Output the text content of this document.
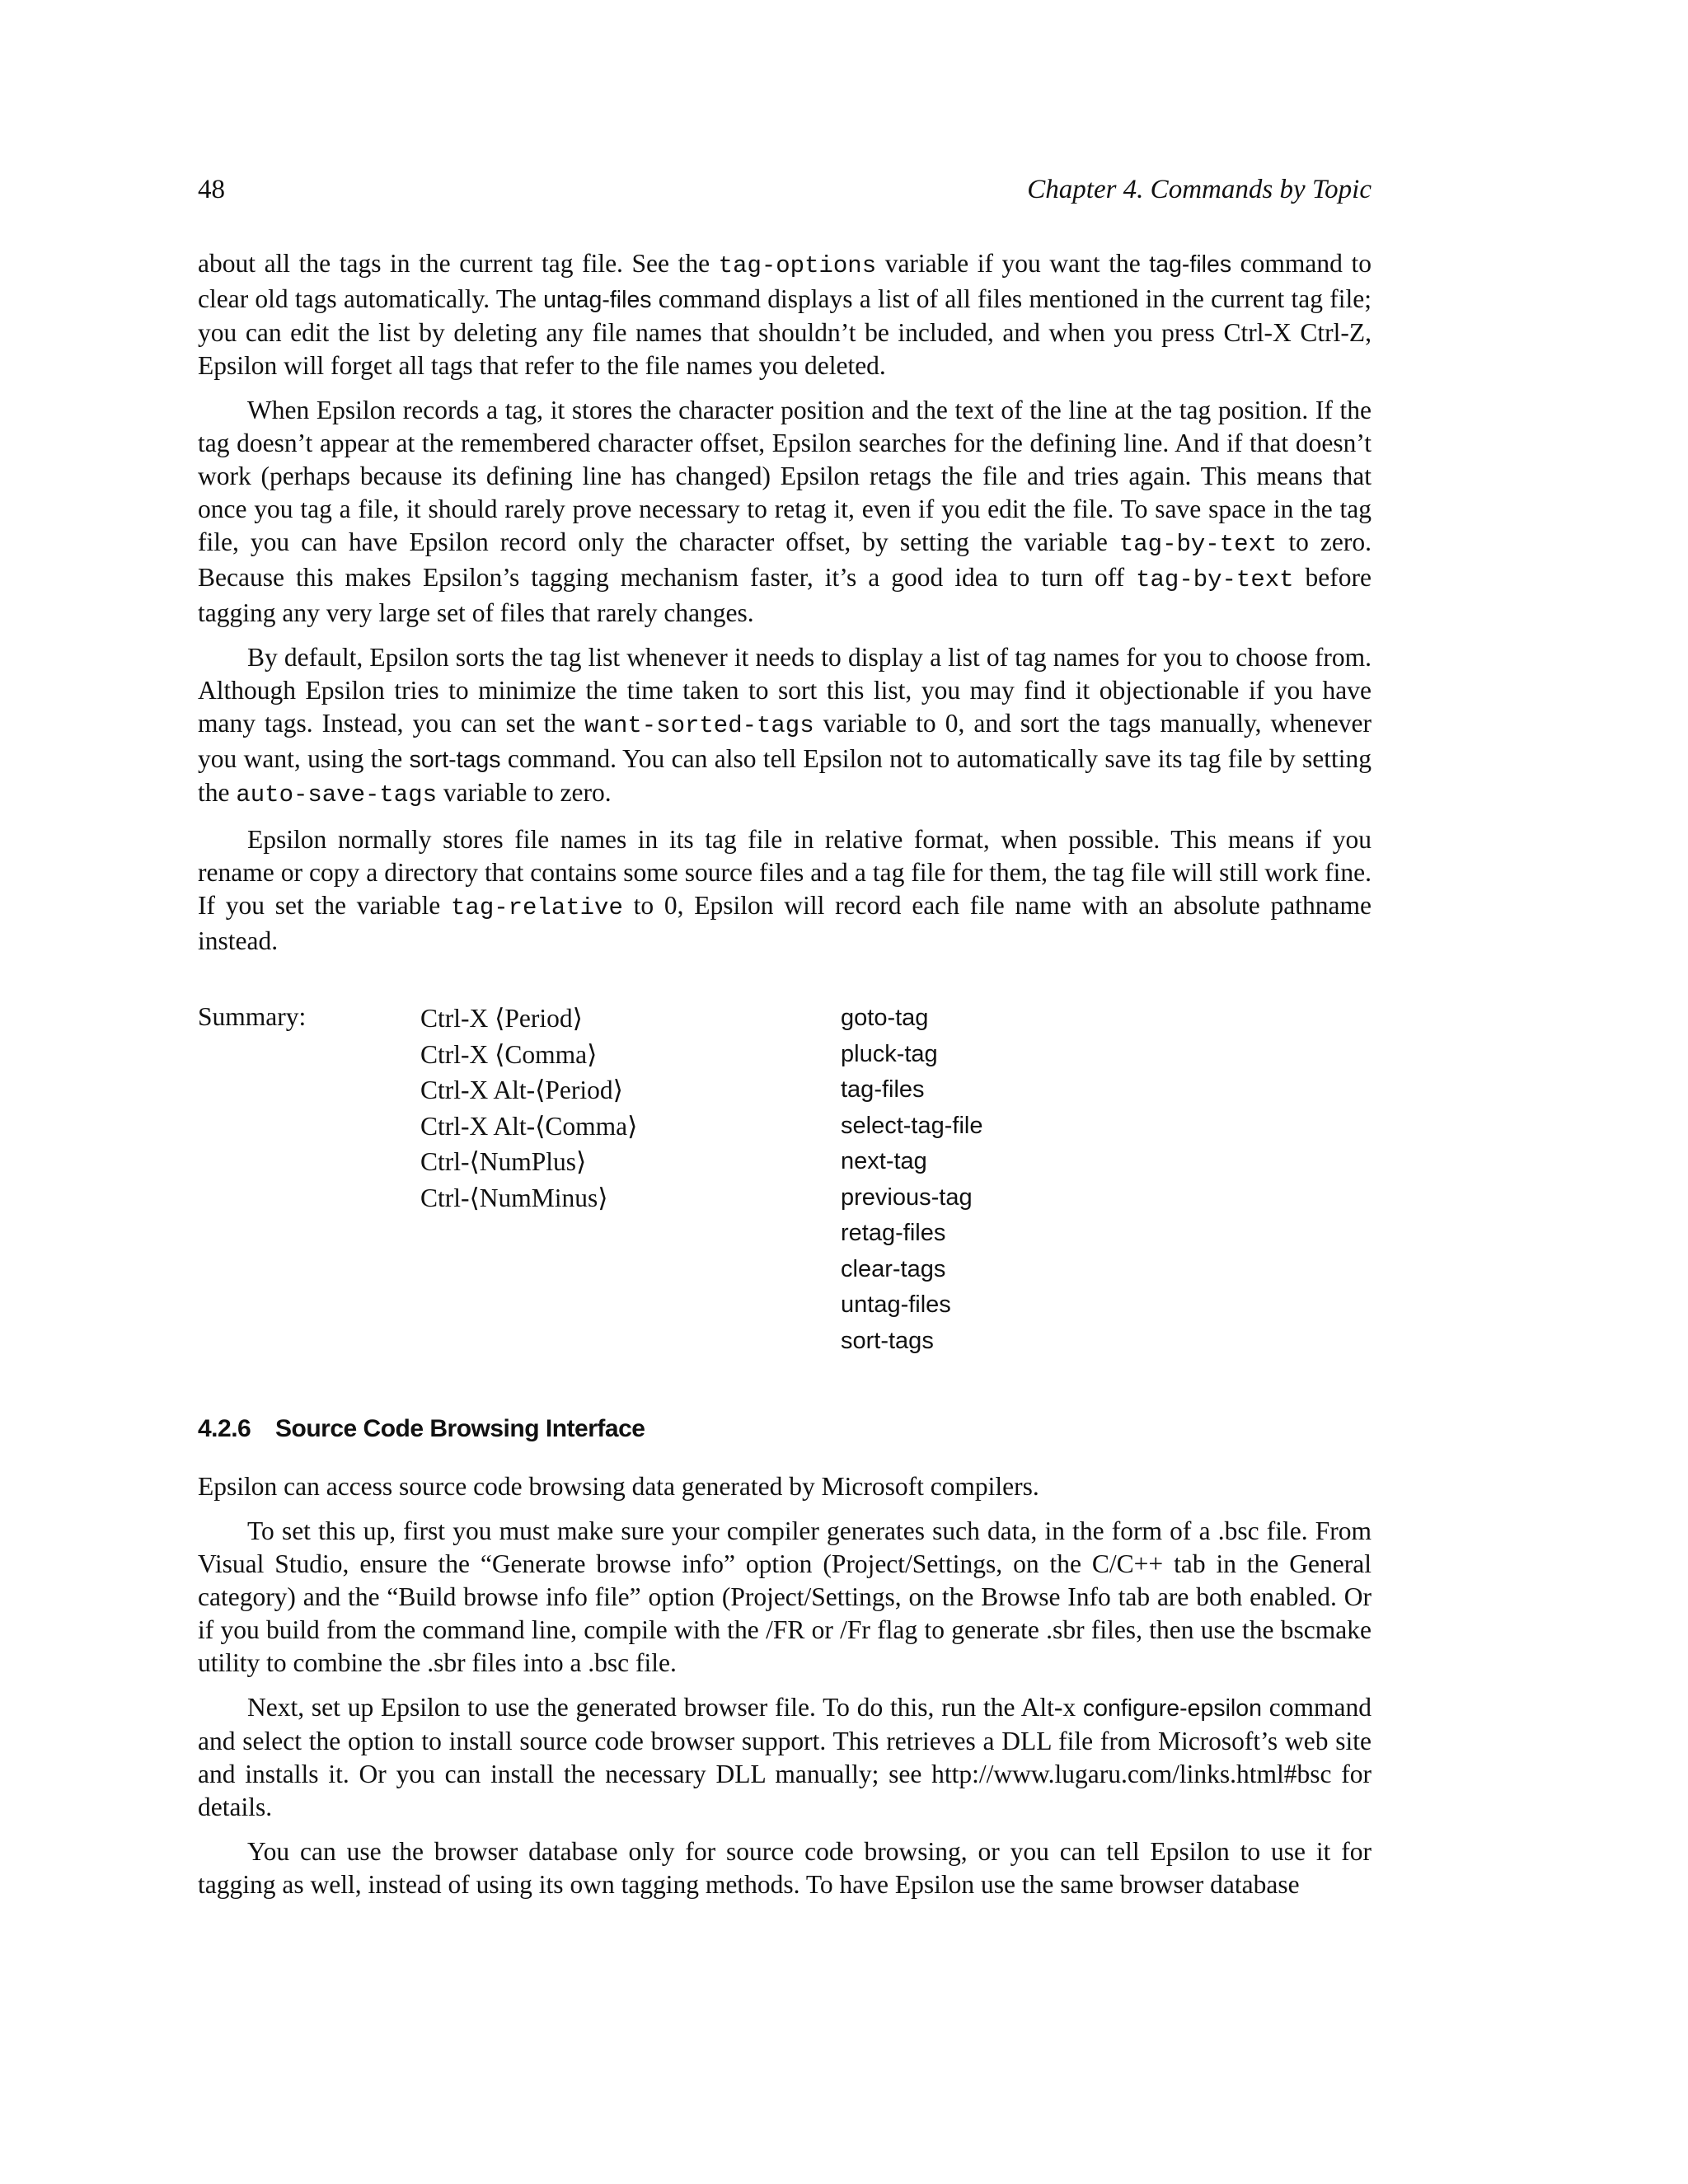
48	Chapter 4. Commands by Topic

about all the tags in the current tag file. See the tag-options variable if you want the tag-files command to clear old tags automatically. The untag-files command displays a list of all files mentioned in the current tag file; you can edit the list by deleting any file names that shouldn’t be included, and when you press Ctrl-X Ctrl-Z, Epsilon will forget all tags that refer to the file names you deleted.

When Epsilon records a tag, it stores the character position and the text of the line at the tag position. If the tag doesn’t appear at the remembered character offset, Epsilon searches for the defining line. And if that doesn’t work (perhaps because its defining line has changed) Epsilon retags the file and tries again. This means that once you tag a file, it should rarely prove necessary to retag it, even if you edit the file. To save space in the tag file, you can have Epsilon record only the character offset, by setting the variable tag-by-text to zero. Because this makes Epsilon’s tagging mechanism faster, it’s a good idea to turn off tag-by-text before tagging any very large set of files that rarely changes.

By default, Epsilon sorts the tag list whenever it needs to display a list of tag names for you to choose from. Although Epsilon tries to minimize the time taken to sort this list, you may find it objectionable if you have many tags. Instead, you can set the want-sorted-tags variable to 0, and sort the tags manually, whenever you want, using the sort-tags command. You can also tell Epsilon not to automatically save its tag file by setting the auto-save-tags variable to zero.

Epsilon normally stores file names in its tag file in relative format, when possible. This means if you rename or copy a directory that contains some source files and a tag file for them, the tag file will still work fine. If you set the variable tag-relative to 0, Epsilon will record each file name with an absolute pathname instead.

Summary:	Ctrl-X ⟨Period⟩
Ctrl-X ⟨Comma⟩
Ctrl-X Alt-⟨Period⟩
Ctrl-X Alt-⟨Comma⟩
Ctrl-⟨NumPlus⟩
Ctrl-⟨NumMinus⟩
goto-tag
pluck-tag
tag-files
select-tag-file
next-tag
previous-tag
retag-files
clear-tags
untag-files
sort-tags
4.2.6 Source Code Browsing Interface

Epsilon can access source code browsing data generated by Microsoft compilers.

To set this up, first you must make sure your compiler generates such data, in the form of a .bsc file. From Visual Studio, ensure the “Generate browse info” option (Project/Settings, on the C/C++ tab in the General category) and the “Build browse info file” option (Project/Settings, on the Browse Info tab are both enabled. Or if you build from the command line, compile with the /FR or /Fr flag to generate .sbr files, then use the bscmake utility to combine the .sbr files into a .bsc file.

Next, set up Epsilon to use the generated browser file. To do this, run the Alt-x configure-epsilon command and select the option to install source code browser support. This retrieves a DLL file from Microsoft’s web site and installs it. Or you can install the necessary DLL manually; see http://www.lugaru.com/links.html#bsc for details.

You can use the browser database only for source code browsing, or you can tell Epsilon to use it for tagging as well, instead of using its own tagging methods. To have Epsilon use the same browser database
